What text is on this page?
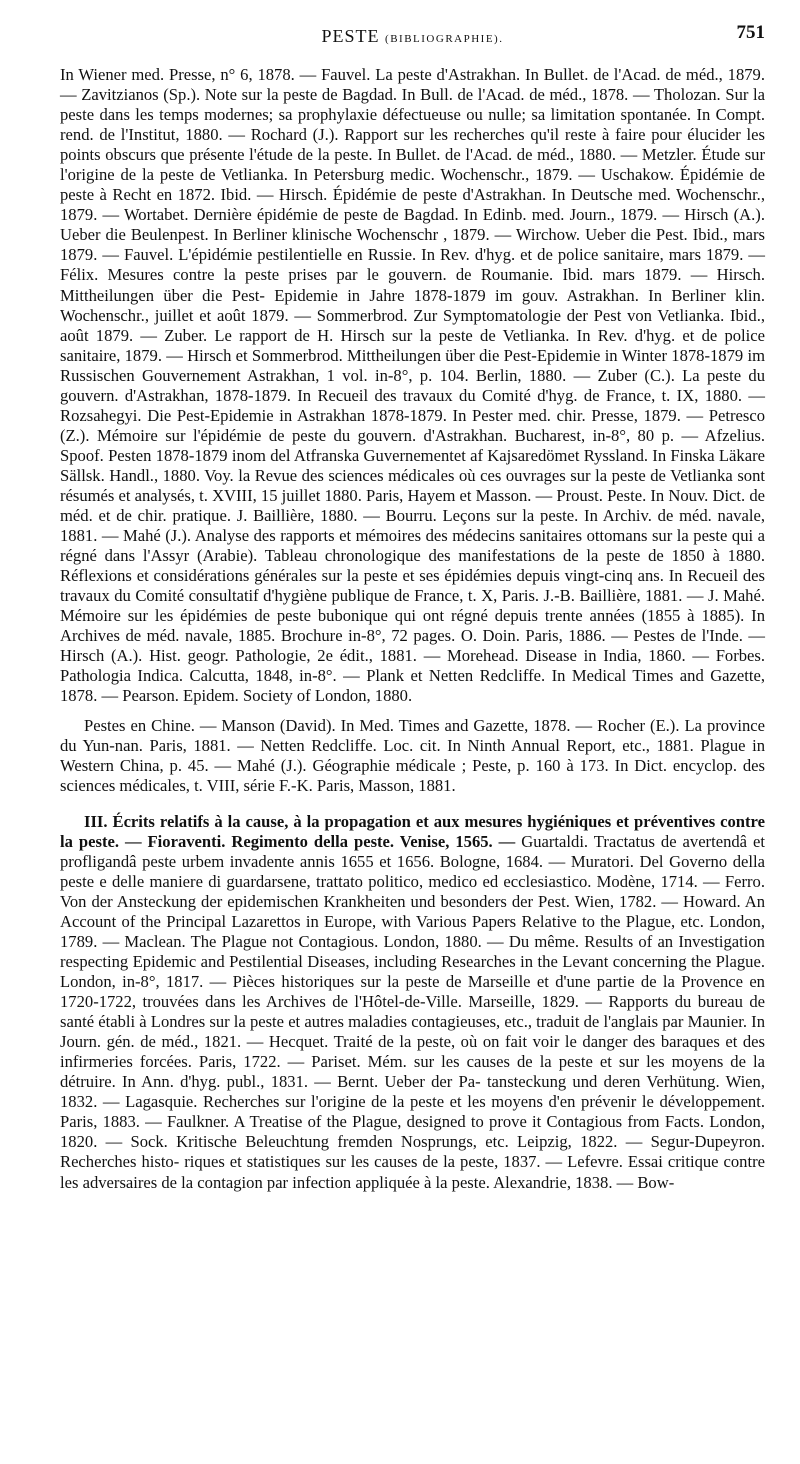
PESTE (BIBLIOGRAPHIE).	751

In Wiener med. Presse, n° 6, 1878. — Fauvel. La peste d'Astrakhan. In Bullet. de l'Acad. de méd., 1879. — Zavitzianos (Sp.). Note sur la peste de Bagdad. In Bull. de l'Acad. de méd., 1878. — Tholozan. Sur la peste dans les temps modernes; sa prophylaxie défectueuse ou nulle; sa limitation spontanée. In Compt. rend. de l'Institut, 1880. — Rochard (J.). Rapport sur les recherches qu'il reste à faire pour élucider les points obscurs que présente l'étude de la peste. In Bullet. de l'Acad. de méd., 1880. — Metzler. Étude sur l'origine de la peste de Vetlianka. In Petersburg medic. Wochenschr., 1879. — Uschakow. Épidémie de peste à Recht en 1872. Ibid. — Hirsch. Épidémie de peste d'Astrakhan. In Deutsche med. Wochenschr., 1879. — Wortabet. Dernière épidémie de peste de Bagdad. In Edinb. med. Journ., 1879. — Hirsch (A.). Ueber die Beulenpest. In Berliner klinische Wochenschr , 1879. — Wirchow. Ueber die Pest. Ibid., mars 1879. — Fauvel. L'épidémie pestilentielle en Russie. In Rev. d'hyg. et de police sanitaire, mars 1879. — Félix. Mesures contre la peste prises par le gouvern. de Roumanie. Ibid. mars 1879. — Hirsch. Mittheilungen über die Pest- Epidemie in Jahre 1878-1879 im gouv. Astrakhan. In Berliner klin. Wochenschr., juillet et août 1879. — Sommerbrod. Zur Symptomatologie der Pest von Vetlianka. Ibid., août 1879. — Zuber. Le rapport de H. Hirsch sur la peste de Vetlianka. In Rev. d'hyg. et de police sanitaire, 1879. — Hirsch et Sommerbrod. Mittheilungen über die Pest-Epidemie in Winter 1878-1879 im Russischen Gouvernement Astrakhan, 1 vol. in-8°, p. 104. Berlin, 1880. — Zuber (C.). La peste du gouvern. d'Astrakhan, 1878-1879. In Recueil des travaux du Comité d'hyg. de France, t. IX, 1880. — Rozsahegyi. Die Pest-Epidemie in Astrakhan 1878-1879. In Pester med. chir. Presse, 1879. — Petresco (Z.). Mémoire sur l'épidémie de peste du gouvern. d'Astrakhan. Bucharest, in-8°, 80 p. — Afzelius. Spoof. Pesten 1878-1879 inom del Atfranska Guvernementet af Kajsaredömet Ryssland. In Finska Läkare Sällsk. Handl., 1880. Voy. la Revue des sciences médicales où ces ouvrages sur la peste de Vetlianka sont résumés et analysés, t. XVIII, 15 juillet 1880. Paris, Hayem et Masson. — Proust. Peste. In Nouv. Dict. de méd. et de chir. pratique. J. Baillière, 1880. — Bourru. Leçons sur la peste. In Archiv. de méd. navale, 1881. — Mahé (J.). Analyse des rapports et mémoires des médecins sanitaires ottomans sur la peste qui a régné dans l'Assyr (Arabie). Tableau chronologique des manifestations de la peste de 1850 à 1880. Réflexions et considérations générales sur la peste et ses épidémies depuis vingt-cinq ans. In Recueil des travaux du Comité consultatif d'hygiène publique de France, t. X, Paris. J.-B. Baillière, 1881. — J. Mahé. Mémoire sur les épidémies de peste bubonique qui ont régné depuis trente années (1855 à 1885). In Archives de méd. navale, 1885. Brochure in-8°, 72 pages. O. Doin. Paris, 1886. — Pestes de l'Inde. — Hirsch (A.). Hist. geogr. Pathologie, 2e édit., 1881. — Morehead. Disease in India, 1860. — Forbes. Pathologia Indica. Calcutta, 1848, in-8°. — Plank et Netten Redcliffe. In Medical Times and Gazette, 1878. — Pearson. Epidem. Society of London, 1880.

Pestes en Chine. — Manson (David). In Med. Times and Gazette, 1878. — Rocher (E.). La province du Yun-nan. Paris, 1881. — Netten Redcliffe. Loc. cit. In Ninth Annual Report, etc., 1881. Plague in Western China, p. 45. — Mahé (J.). Géographie médicale ; Peste, p. 160 à 173. In Dict. encyclop. des sciences médicales, t. VIII, série F.-K. Paris, Masson, 1881.

III. Écrits relatifs à la cause, à la propagation et aux mesures hygiéniques et préventives contre la peste. — Fioraventi. Regimento della peste. Venise, 1565. — Guartaldi. Tractatus de avertendâ et profligandâ peste urbem invadente annis 1655 et 1656. Bologne, 1684. — Muratori. Del Governo della peste e delle maniere di guardarsene, trattato politico, medico ed ecclesiastico. Modène, 1714. — Ferro. Von der Ansteckung der epidemischen Krankheiten und besonders der Pest. Wien, 1782. — Howard. An Account of the Principal Lazarettos in Europe, with Various Papers Relative to the Plague, etc. London, 1789. — Maclean. The Plague not Contagious. London, 1880. — Du même. Results of an Investigation respecting Epidemic and Pestilential Diseases, including Researches in the Levant concerning the Plague. London, in-8°, 1817. — Pièces historiques sur la peste de Marseille et d'une partie de la Provence en 1720-1722, trouvées dans les Archives de l'Hôtel-de-Ville. Marseille, 1829. — Rapports du bureau de santé établi à Londres sur la peste et autres maladies contagieuses, etc., traduit de l'anglais par Maunier. In Journ. gén. de méd., 1821. — Hecquet. Traité de la peste, où on fait voir le danger des baraques et des infirmeries forcées. Paris, 1722. — Pariset. Mém. sur les causes de la peste et sur les moyens de la détruire. In Ann. d'hyg. publ., 1831. — Bernt. Ueber der Pa- tansteckung und deren Verhütung. Wien, 1832. — Lagasquie. Recherches sur l'origine de la peste et les moyens d'en prévenir le développement. Paris, 1883. — Faulkner. A Treatise of the Plague, designed to prove it Contagious from Facts. London, 1820. — Sock. Kritische Beleuchtung fremden Nosprungs, etc. Leipzig, 1822. — Segur-Dupeyron. Recherches histo- riques et statistiques sur les causes de la peste, 1837. — Lefevre. Essai critique contre les adversaires de la contagion par infection appliquée à la peste. Alexandrie, 1838. — Bow-
